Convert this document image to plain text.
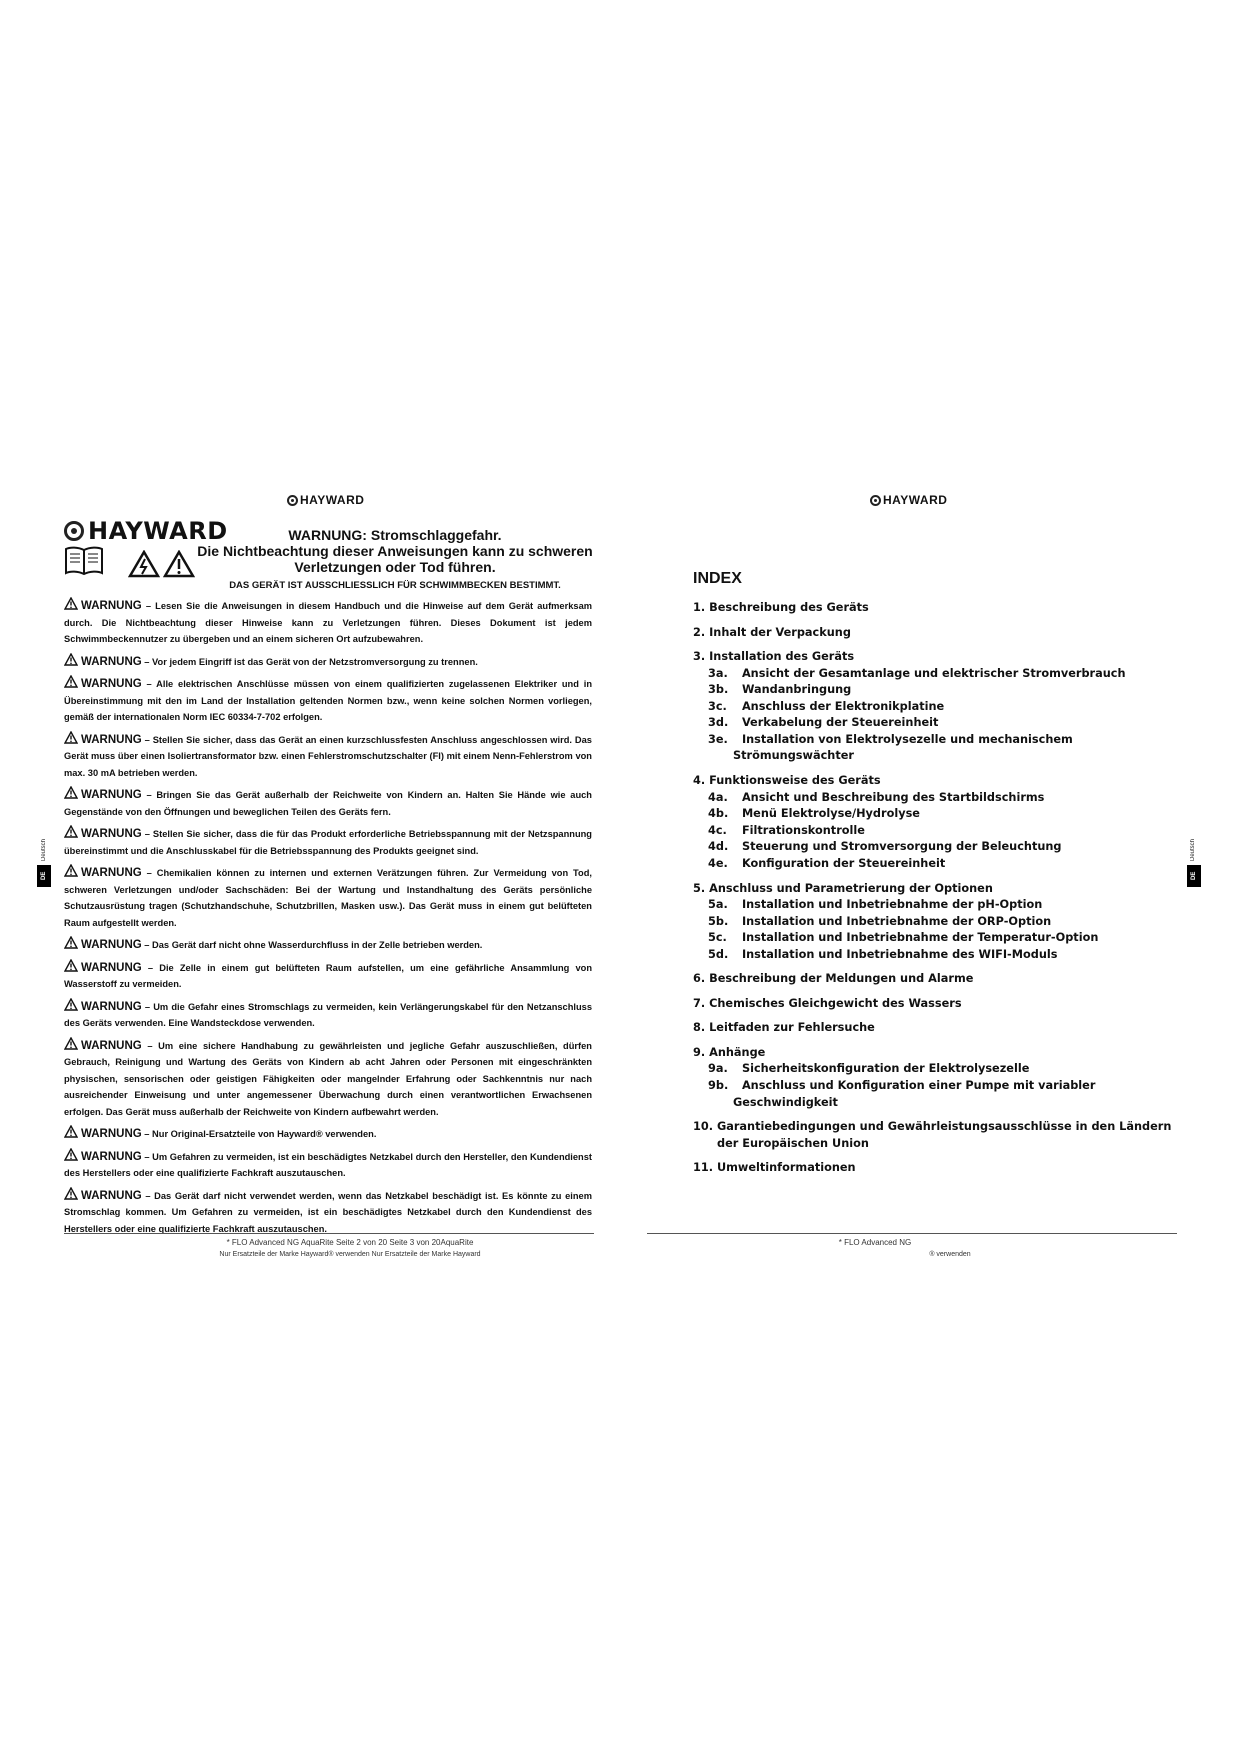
HAYWARD
HAYWARD	WARNUNG: Stromschlaggefahr.
Die Nichtbeachtung dieser Anweisungen kann zu schweren
Verletzungen oder Tod führen.
DAS GERÄT IST AUSSCHLIESSLICH FÜR SCHWIMMBECKEN BESTIMMT.

WARNUNG – Lesen Sie die Anweisungen in diesem Handbuch und die Hinweise auf dem Gerät aufmerksam durch. Die Nichtbeachtung dieser Hinweise kann zu Verletzungen führen. Dieses Dokument ist jedem Schwimmbeckennutzer zu übergeben und an einem sicheren Ort aufzubewahren.

WARNUNG – Vor jedem Eingriff ist das Gerät von der Netzstromversorgung zu trennen.

WARNUNG – Alle elektrischen Anschlüsse müssen von einem qualifizierten zugelassenen Elektriker und in Übereinstimmung mit den im Land der Installation geltenden Normen bzw., wenn keine solchen Normen vorliegen, gemäß der internationalen Norm IEC 60334-7-702 erfolgen.

WARNUNG – Stellen Sie sicher, dass das Gerät an einen kurzschlussfesten Anschluss angeschlossen wird. Das Gerät muss über einen Isoliertransformator bzw. einen Fehlerstromschutzschalter (FI) mit einem Nenn-Fehlerstrom von max. 30 mA betrieben werden.

WARNUNG – Bringen Sie das Gerät außerhalb der Reichweite von Kindern an. Halten Sie Hände wie auch Gegenstände von den Öffnungen und beweglichen Teilen des Geräts fern.

WARNUNG – Stellen Sie sicher, dass die für das Produkt erforderliche Betriebsspannung mit der Netzspannung übereinstimmt und die Anschlusskabel für die Betriebsspannung des Produkts geeignet sind.

WARNUNG – Chemikalien können zu internen und externen Verätzungen führen. Zur Vermeidung von Tod, schweren Verletzungen und/oder Sachschäden: Bei der Wartung und Instandhaltung des Geräts persönliche Schutzausrüstung tragen (Schutzhandschuhe, Schutzbrillen, Masken usw.). Das Gerät muss in einem gut belüfteten Raum aufgestellt werden.

WARNUNG – Das Gerät darf nicht ohne Wasserdurchfluss in der Zelle betrieben werden.

WARNUNG – Die Zelle in einem gut belüfteten Raum aufstellen, um eine gefährliche Ansammlung von Wasserstoff zu vermeiden.

WARNUNG – Um die Gefahr eines Stromschlags zu vermeiden, kein Verlängerungskabel für den Netzanschluss des Geräts verwenden. Eine Wandsteckdose verwenden.

WARNUNG – Um eine sichere Handhabung zu gewährleisten und jegliche Gefahr auszuschließen, dürfen Gebrauch, Reinigung und Wartung des Geräts von Kindern ab acht Jahren oder Personen mit eingeschränkten physischen, sensorischen oder geistigen Fähigkeiten oder mangelnder Erfahrung oder Sachkenntnis nur nach ausreichender Einweisung und unter angemessener Überwachung durch einen verantwortlichen Erwachsenen erfolgen. Das Gerät muss außerhalb der Reichweite von Kindern aufbewahrt werden.

WARNUNG – Nur Original-Ersatzteile von Hayward® verwenden.

WARNUNG – Um Gefahren zu vermeiden, ist ein beschädigtes Netzkabel durch den Hersteller, den Kundendienst des Herstellers oder eine qualifizierte Fachkraft auszutauschen.

WARNUNG – Das Gerät darf nicht verwendet werden, wenn das Netzkabel beschädigt ist. Es könnte zu einem Stromschlag kommen. Um Gefahren zu vermeiden, ist ein beschädigtes Netzkabel durch den Kundendienst des Herstellers oder eine qualifizierte Fachkraft auszutauschen.

* FLO Advanced NG AquaRite Seite 2 von 20 Seite 3 von 20AquaRite
Nur Ersatzteile der Marke Hayward® verwenden Nur Ersatzteile der Marke Hayward
Deutsch
DE
HAYWARD
INDEX
1. Beschreibung des Geräts
2. Inhalt der Verpackung
3. Installation des Geräts
3a. Ansicht der Gesamtanlage und elektrischer Stromverbrauch
3b. Wandanbringung
3c. Anschluss der Elektronikplatine
3d. Verkabelung der Steuereinheit
3e. Installation von Elektrolysezelle und mechanischem
Strömungswächter
4. Funktionsweise des Geräts
4a. Ansicht und Beschreibung des Startbildschirms
4b. Menü Elektrolyse/Hydrolyse
4c. Filtrationskontrolle
4d. Steuerung und Stromversorgung der Beleuchtung
4e. Konfiguration der Steuereinheit
5. Anschluss und Parametrierung der Optionen
5a. Installation und Inbetriebnahme der pH-Option
5b. Installation und Inbetriebnahme der ORP-Option
5c. Installation und Inbetriebnahme der Temperatur-Option
5d. Installation und Inbetriebnahme des WIFI-Moduls
6. Beschreibung der Meldungen und Alarme
7. Chemisches Gleichgewicht des Wassers
8. Leitfaden zur Fehlersuche
9. Anhänge
9a. Sicherheitskonfiguration der Elektrolysezelle
9b. Anschluss und Konfiguration einer Pumpe mit variabler
Geschwindigkeit
10. Garantiebedingungen und Gewährleistungsausschlüsse in den Ländern
der Europäischen Union
11. Umweltinformationen
* FLO Advanced NG
® verwenden
Deutsch
DE
